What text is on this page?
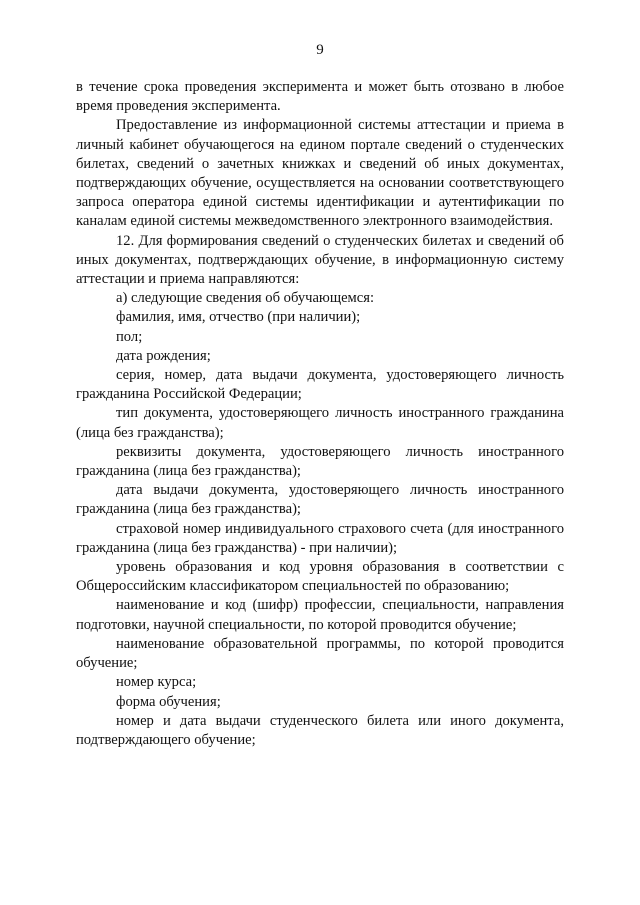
9

в течение срока проведения эксперимента и может быть отозвано в любое время проведения эксперимента.

Предоставление из информационной системы аттестации и приема в личный кабинет обучающегося на едином портале сведений о студенческих билетах, сведений о зачетных книжках и сведений об иных документах, подтверждающих обучение, осуществляется на основании соответствующего запроса оператора единой системы идентификации и аутентификации по каналам единой системы межведомственного электронного взаимодействия.

12. Для формирования сведений о студенческих билетах и сведений об иных документах, подтверждающих обучение, в информационную систему аттестации и приема направляются:

а) следующие сведения об обучающемся:

фамилия, имя, отчество (при наличии);

пол;

дата рождения;

серия, номер, дата выдачи документа, удостоверяющего личность гражданина Российской Федерации;

тип документа, удостоверяющего личность иностранного гражданина (лица без гражданства);

реквизиты документа, удостоверяющего личность иностранного гражданина (лица без гражданства);

дата выдачи документа, удостоверяющего личность иностранного гражданина (лица без гражданства);

страховой номер индивидуального страхового счета (для иностранного гражданина (лица без гражданства) - при наличии);

уровень образования и код уровня образования в соответствии с Общероссийским классификатором специальностей по образованию;

наименование и код (шифр) профессии, специальности, направления подготовки, научной специальности, по которой проводится обучение;

наименование образовательной программы, по которой проводится обучение;

номер курса;

форма обучения;

номер и дата выдачи студенческого билета или иного документа, подтверждающего обучение;
